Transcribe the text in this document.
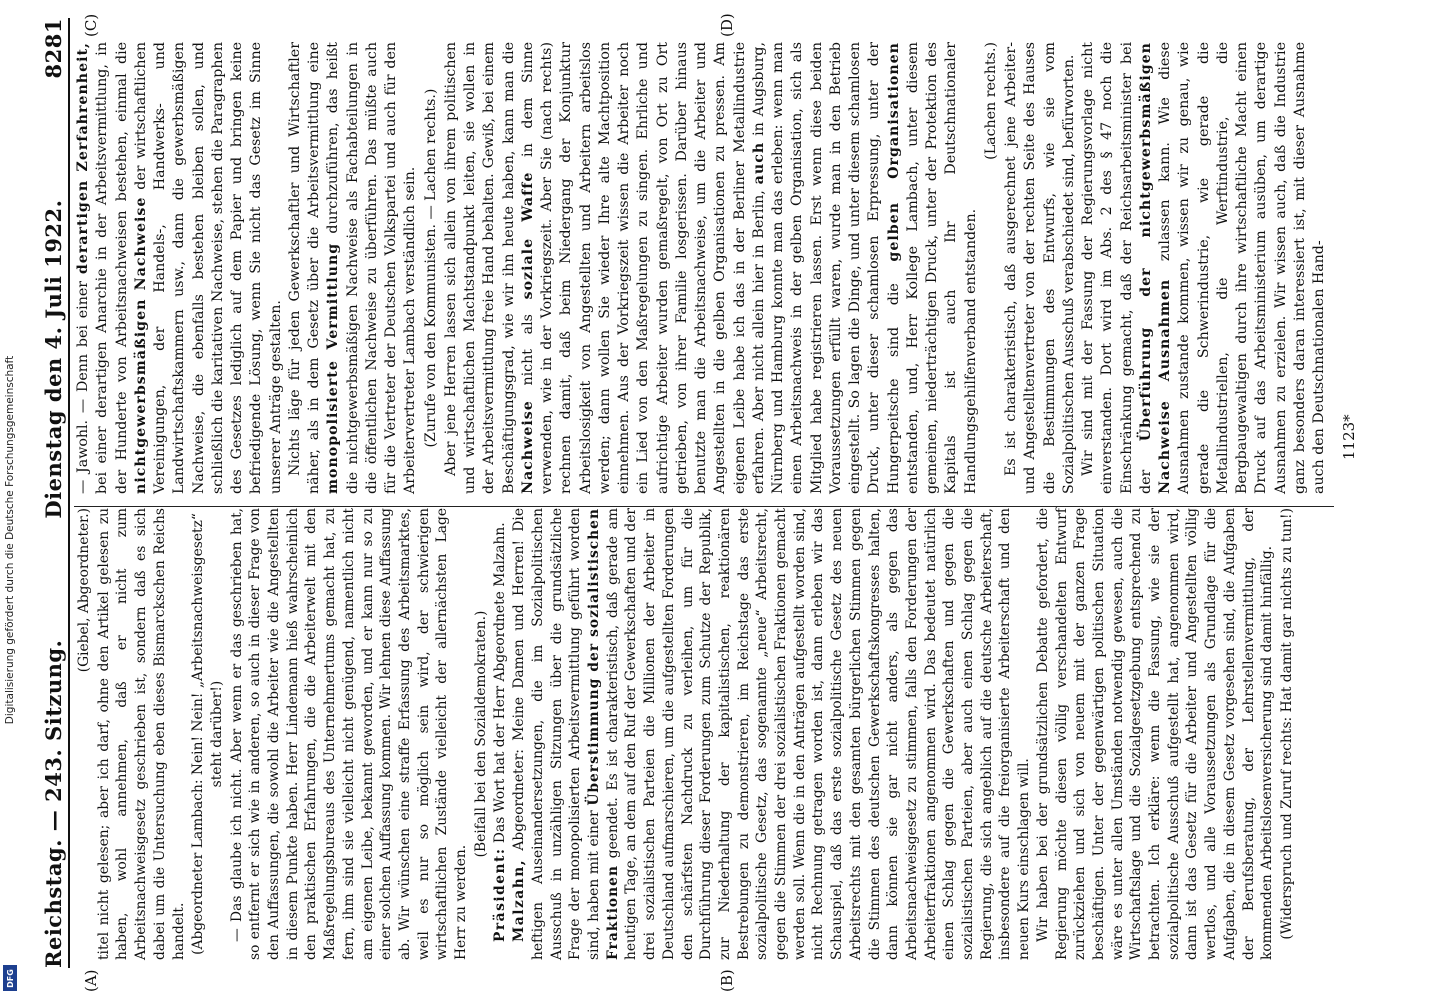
Reichstag. — 243. Sitzung.
Dienstag den 4. Juli 1922.
8281
(A)	(B)
(C)	(D)

(Giebel, Abgeordneter.) titel nicht gelesen; aber ich darf, ohne den Artikel gelesen zu haben, wohl annehmen, daß er nicht zum Arbeitsnachweisgesetz geschrieben ist, sondern daß es sich dabei um die Untersuchung eben dieses Bismarckschen Reichs handelt. (Abgeordneter Lambach: Nein! Nein! „Arbeitsnachweisgesetz“ steht darüber!) — Das glaube ich nicht. Aber wenn er das geschrieben hat, so entfernt er sich wie in anderen, so auch in dieser Frage von den Auffassungen, die sowohl die Arbeiter wie die Angestellten in diesem Punkte haben. Herr Lindemann hieß wahrscheinlich den praktischen Erfahrungen, die die Arbeiterwelt mit den Maßregelungsbureaus des Unternehmertums gemacht hat, zu fern, ihm sind sie vielleicht nicht genügend, namentlich nicht am eigenen Leibe, bekannt geworden, und er kann nur so zu einer solchen Auffassung kommen. Wir lehnen diese Auffassung ab. Wir wünschen eine straffe Erfassung des Arbeitsmarktes, weil es nur so möglich sein wird, der schwierigen wirtschaftlichen Zustände vielleicht der allernächsten Lage Herr zu werden.

(Beifall bei den Sozialdemokraten.)

Präsident: Das Wort hat der Herr Abgeordnete Malzahn.

Malzahn, Abgeordneter: Meine Damen und Herren! Die heftigen Auseinandersetzungen, die im Sozialpolitischen Ausschuß in unzähligen Sitzungen über die grundsätzliche Frage der monopolisierten Arbeitsvermittlung geführt worden sind, haben mit einer Überstimmung der sozialistischen Fraktionen geendet. Es ist charakteristisch, daß gerade am heutigen Tage, an dem auf den Ruf der Gewerkschaften und der drei sozialistischen Parteien die Millionen der Arbeiter in Deutschland aufmarschieren, um die aufgestellten Forderungen den schärfsten Nachdruck zu verleihen, um für die Durchführung dieser Forderungen zum Schutze der Republik, zur Niederhaltung der kapitalistischen, reaktionären Bestrebungen zu demonstrieren, im Reichstage das erste sozialpolitische Gesetz, das sogenannte „neue“ Arbeitsrecht, gegen die Stimmen der drei sozialistischen Fraktionen gemacht werden soll. Wenn die in den Anträgen aufgestellt worden sind, nicht Rechnung getragen worden ist, dann erleben wir das Schauspiel, daß das erste sozialpolitische Gesetz des neuen Arbeitsrechts mit den gesamten bürgerlichen Stimmen gegen die Stimmen des deutschen Gewerkschaftskongresses halten, dann können sie gar nicht anders, als gegen das Arbeitsnachweisgesetz zu stimmen, falls den Forderungen der Arbeiterfraktionen angenommen wird. Das bedeutet natürlich einen Schlag gegen die Gewerkschaften und gegen die sozialistischen Parteien, aber auch einen Schlag gegen die Regierung, die sich angeblich auf die deutsche Arbeiterschaft, insbesondere auf die freiorganisierte Arbeiterschaft und den neuen Kurs einschlagen will. Wir haben bei der grundsätzlichen Debatte gefordert, die Regierung möchte diesen völlig verschandelten Entwurf zurückziehen und sich von neuem mit der ganzen Frage beschäftigen. Unter der gegenwärtigen politischen Situation wäre es unter allen Umständen notwendig gewesen, auch die Wirtschaftslage und die Sozialgesetzgebung entsprechend zu betrachten. Ich erkläre: wenn die Fassung, wie sie der sozialpolitische Ausschuß aufgestellt hat, angenommen wird, dann ist das Gesetz für die Arbeiter und Angestellten völlig wertlos, und alle Voraussetzungen als Grundlage für die Aufgaben, die in diesem Gesetz vorgesehen sind, die Aufgaben der Berufsberatung, der Lehrstellenvermittlung, der kommenden Arbeitslosenversicherung sind damit hinfällig. (Widerspruch und Zuruf rechts: Hat damit gar nichts zu tun!)

— Jawohl. — Denn bei einer derartigen Zerfahrenheit, bei einer derartigen Anarchie in der Arbeitsvermittlung, in der Hunderte von Arbeitsnachweisen bestehen, einmal die nichtgewerbsmäßigen Nachweise der wirtschaftlichen Vereinigungen, der Handels-, Handwerks- und Landwirtschaftskammern usw., dann die gewerbsmäßigen Nachweise, die ebenfalls bestehen bleiben sollen, und schließlich die karitativen Nachweise, stehen die Paragraphen des Gesetzes lediglich auf dem Papier und bringen keine befriedigende Lösung, wenn Sie nicht das Gesetz im Sinne unserer Anträge gestalten. Nichts läge für jeden Gewerkschaftler und Wirtschaftler näher, als in dem Gesetz über die Arbeitsvermittlung eine monopolisierte Vermittlung durchzuführen, das heißt die nichtgewerbsmäßigen Nachweise als Fachabteilungen in die öffentlichen Nachweise zu überführen. Das müßte auch für die Vertreter der Deutschen Volkspartei und auch für den Arbeitervertreter Lambach verständlich sein. (Zurufe von den Kommunisten. — Lachen rechts.) Aber jene Herren lassen sich allein von ihrem politischen und wirtschaftlichen Machtstandpunkt leiten, sie wollen in der Arbeitsvermittlung freie Hand behalten. Gewiß, bei einem Beschäftigungsgrad, wie wir ihn heute haben, kann man die Nachweise nicht als soziale Waffe in dem Sinne verwenden, wie in der Vorkriegszeit. Aber Sie (nach rechts) rechnen damit, daß beim Niedergang der Konjunktur Arbeitslosigkeit von Angestellten und Arbeitern arbeitslos werden; dann wollen Sie wieder Ihre alte Machtposition einnehmen. Aus der Vorkriegszeit wissen die Arbeiter noch ein Lied von den Maßregelungen zu singen. Ehrliche und aufrichtige Arbeiter wurden gemaßregelt, von Ort zu Ort getrieben, von ihrer Familie losgerissen. Darüber hinaus benutzte man die Arbeitsnachweise, um die Arbeiter und Angestellten in die gelben Organisationen zu pressen. Am eigenen Leibe habe ich das in der Berliner Metallindustrie erfahren. Aber nicht allein hier in Berlin, auch in Augsburg, Nürnberg und Hamburg konnte man das erleben: wenn man einen Arbeitsnachweis in der gelben Organisation, sich als Mitglied habe registrieren lassen. Erst wenn diese beiden Voraussetzungen erfüllt waren, wurde man in den Betrieb eingestellt. So lagen die Dinge, und unter diesem schamlosen Druck, unter dieser schamlosen Erpressung, unter der Hungerpeitsche sind die gelben Organisationen entstanden, und, Herr Kollege Lambach, unter diesem gemeinen, niederträchtigen Druck, unter der Protektion des Kapitals ist auch Ihr Deutschnationaler Handlungsgehilfenverband entstanden.

(Lachen rechts.) Es ist charakteristisch, daß ausgerechnet jene Arbeiter- und Angestelltenvertreter von der rechten Seite des Hauses die Bestimmungen des Entwurfs, wie sie vom Sozialpolitischen Ausschuß verabschiedet sind, befürworten. Wir sind mit der Fassung der Regierungsvorlage nicht einverstanden. Dort wird im Abs. 2 des § 47 noch die Einschränkung gemacht, daß der Reichsarbeitsminister bei der Überführung der nichtgewerbsmäßigen Nachweise Ausnahmen zulassen kann. Wie diese Ausnahmen zustande kommen, wissen wir zu genau, wie gerade die Schwerindustrie, wie gerade die Metallindustriellen, die Werftindustrie, die Bergbaugewaltigen durch ihre wirtschaftliche Macht einen Druck auf das Arbeitsministerium ausüben, um derartige Ausnahmen zu erzielen. Wir wissen auch, daß die Industrie ganz besonders daran interessiert ist, mit dieser Ausnahme auch den Deutschnationalen Hand- 1123*
Digitalisierung gefördert durch die Deutsche Forschungsgemeinschaft
DFG
